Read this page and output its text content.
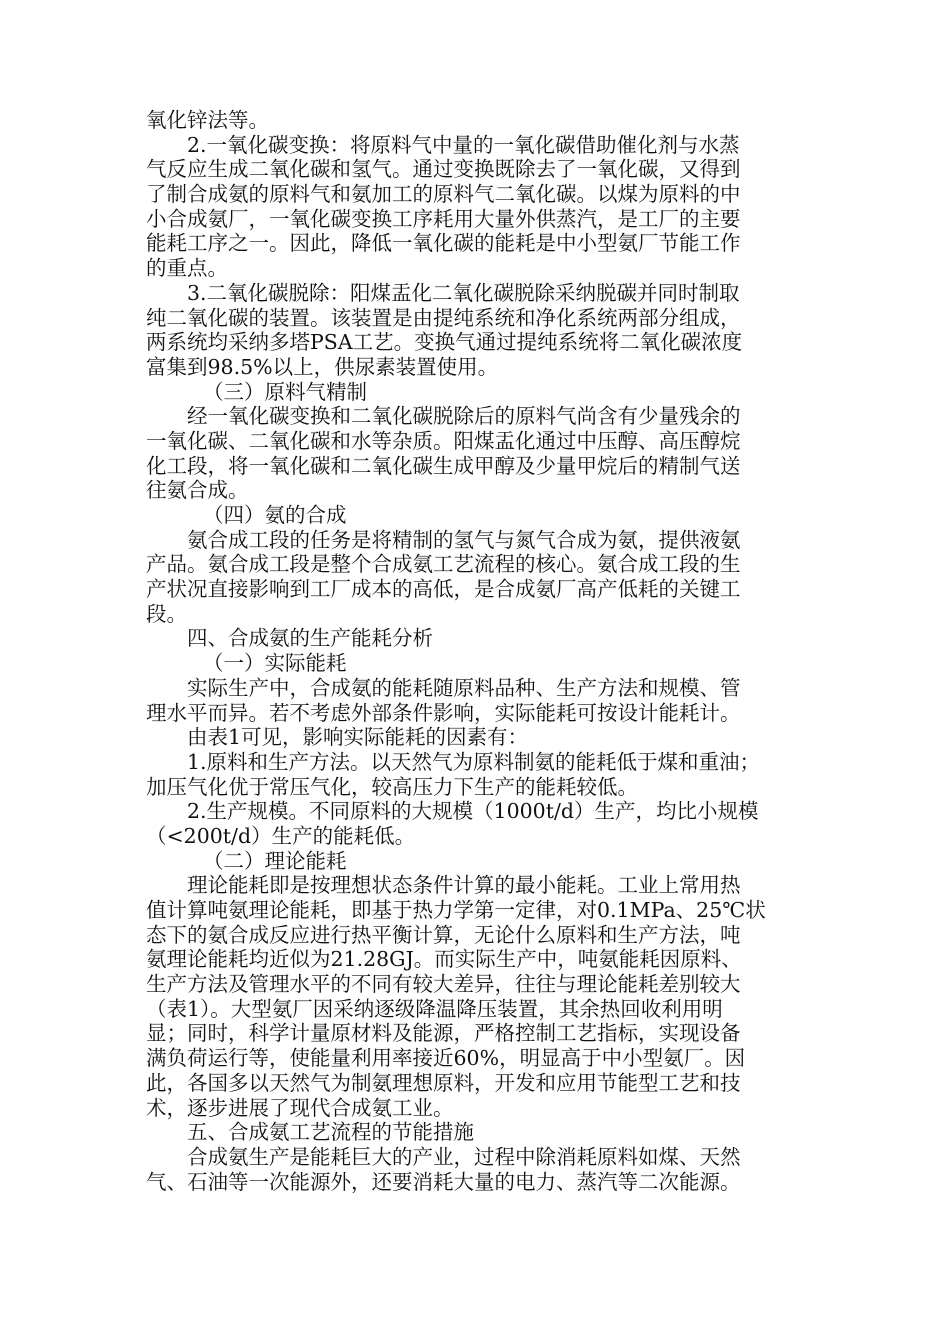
氧化锌法等。
2.一氧化碳变换：将原料气中量的一氧化碳借助催化剂与水蒸
气反应生成二氧化碳和氢气。通过变换既除去了一氧化碳，又得到
了制合成氨的原料气和氨加工的原料气二氧化碳。以煤为原料的中
小合成氨厂，一氧化碳变换工序耗用大量外供蒸汽，是工厂的主要
能耗工序之一。因此，降低一氧化碳的能耗是中小型氨厂节能工作
的重点。
3.二氧化碳脱除：阳煤盂化二氧化碳脱除采纳脱碳并同时制取
纯二氧化碳的装置。该装置是由提纯系统和净化系统两部分组成，
两系统均采纳多塔PSA工艺。变换气通过提纯系统将二氧化碳浓度
富集到98.5%以上，供尿素装置使用。
（三）原料气精制
经一氧化碳变换和二氧化碳脱除后的原料气尚含有少量残余的
一氧化碳、二氧化碳和水等杂质。阳煤盂化通过中压醇、高压醇烷
化工段，将一氧化碳和二氧化碳生成甲醇及少量甲烷后的精制气送
往氨合成。
（四）氨的合成
氨合成工段的任务是将精制的氢气与氮气合成为氨，提供液氨
产品。氨合成工段是整个合成氨工艺流程的核心。氨合成工段的生
产状况直接影响到工厂成本的高低，是合成氨厂高产低耗的关键工
段。
四、合成氨的生产能耗分析
（一）实际能耗
实际生产中，合成氨的能耗随原料品种、生产方法和规模、管
理水平而异。若不考虑外部条件影响，实际能耗可按设计能耗计。
由表1可见，影响实际能耗的因素有：
1.原料和生产方法。以天然气为原料制氨的能耗低于煤和重油；
加压气化优于常压气化，较高压力下生产的能耗较低。
2.生产规模。不同原料的大规模（1000t/d）生产，均比小规模
（<200t/d）生产的能耗低。
（二）理论能耗
理论能耗即是按理想状态条件计算的最小能耗。工业上常用热
值计算吨氨理论能耗，即基于热力学第一定律，对0.1MPa、25℃状
态下的氨合成反应进行热平衡计算，无论什么原料和生产方法，吨
氨理论能耗均近似为21.28GJ。而实际生产中，吨氨能耗因原料、
生产方法及管理水平的不同有较大差异，往往与理论能耗差别较大
（表1）。大型氨厂因采纳逐级降温降压装置，其余热回收利用明
显；同时，科学计量原材料及能源，严格控制工艺指标，实现设备
满负荷运行等，使能量利用率接近60%，明显高于中小型氨厂。因
此，各国多以天然气为制氨理想原料，开发和应用节能型工艺和技
术，逐步进展了现代合成氨工业。
五、合成氨工艺流程的节能措施
合成氨生产是能耗巨大的产业，过程中除消耗原料如煤、天然
气、石油等一次能源外，还要消耗大量的电力、蒸汽等二次能源。
